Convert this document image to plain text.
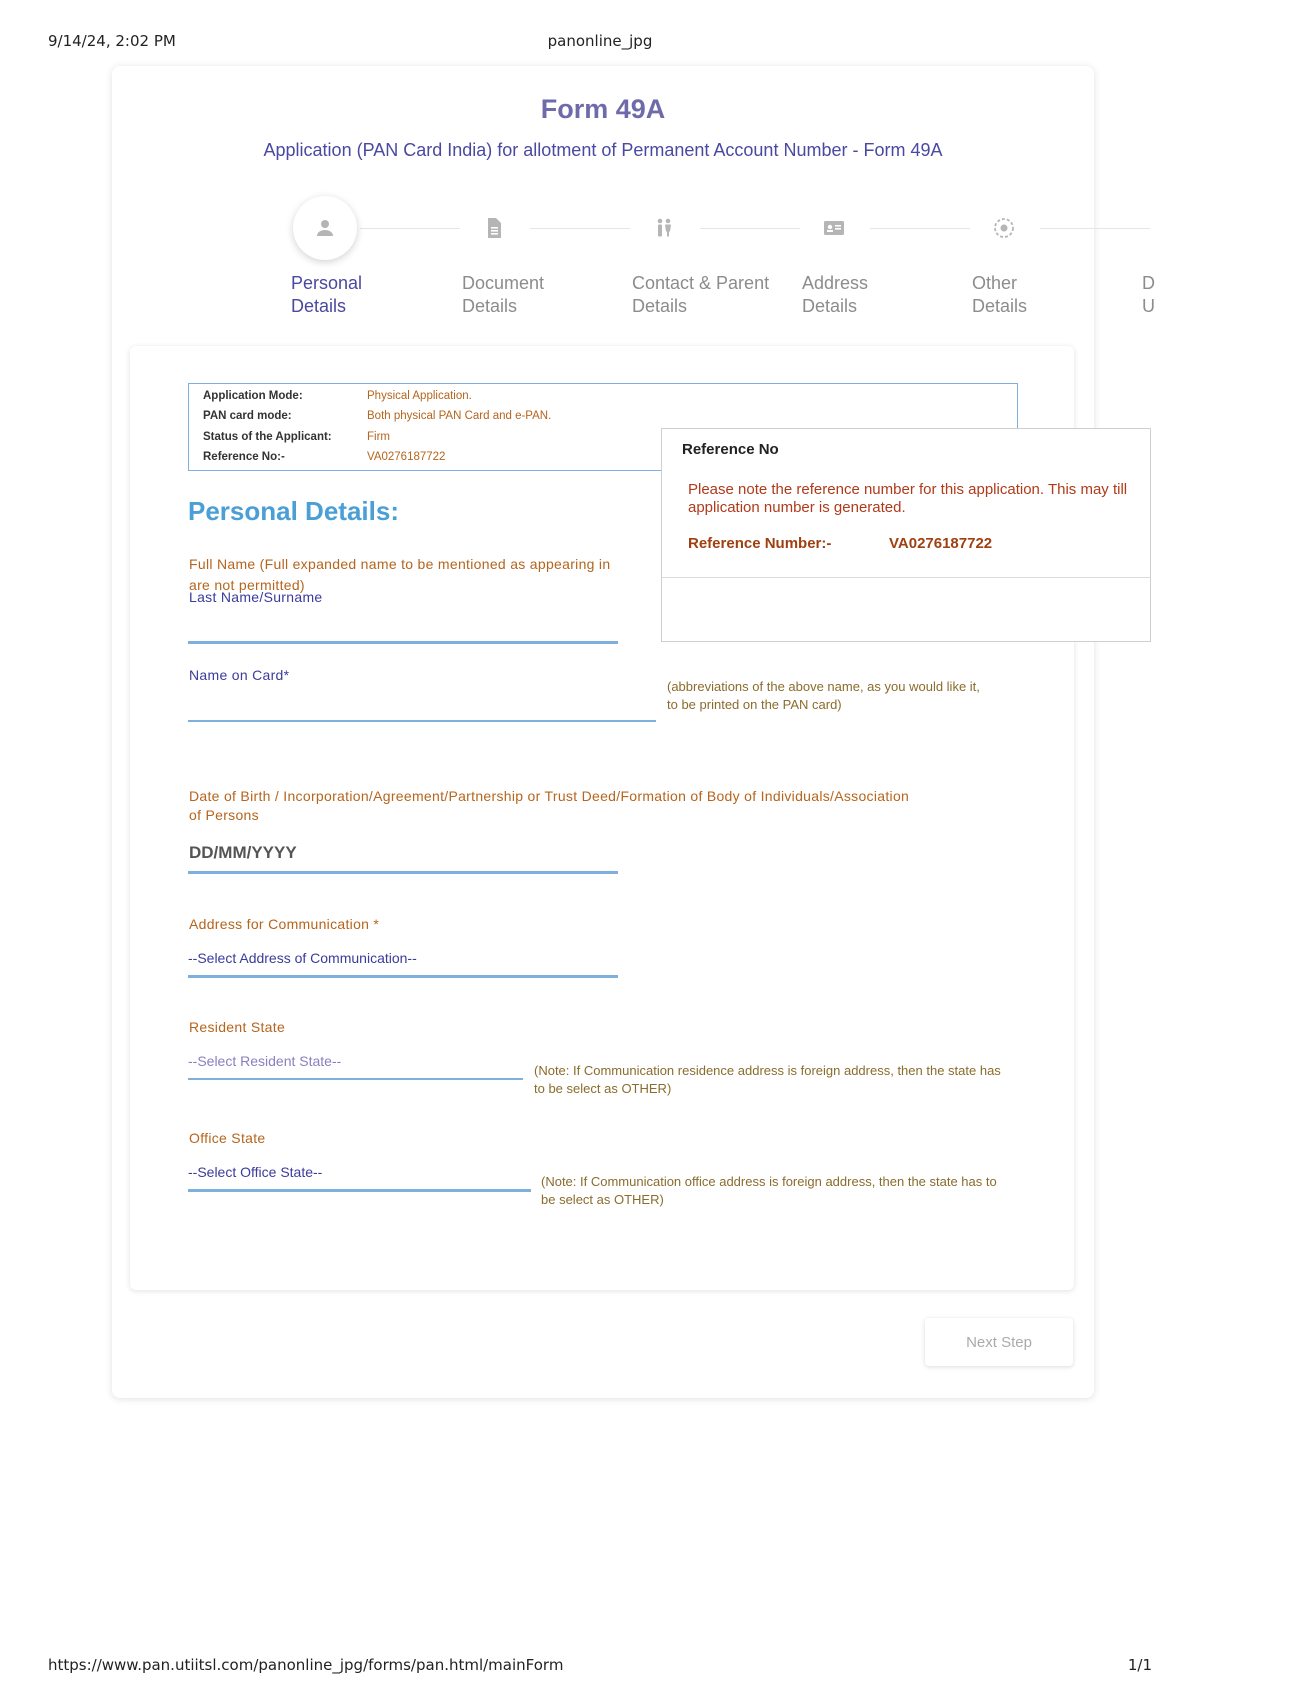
9/14/24, 2:02 PM	panonline_jpg
Form 49A
Application (PAN Card India) for allotment of Permanent Account Number - Form 49A
Personal
Details
Document
Details
Contact & Parent
Details
Address
Details
Other
Details
D
U
Application Mode:	Physical Application.
PAN card mode:	Both physical PAN Card and e-PAN.
Status of the Applicant:	Firm
Reference No:-	VA0276187722
Personal Details:
Full Name (Full expanded name to be mentioned as appearing in
are not permitted)
Last Name/Surname
Name on Card*
(abbreviations of the above name, as you would like it,
to be printed on the PAN card)
Date of Birth / Incorporation/Agreement/Partnership or Trust Deed/Formation of Body of Individuals/Association
of Persons
DD/MM/YYYY
Address for Communication *
--Select Address of Communication--
Resident State
--Select Resident State--
(Note: If Communication residence address is foreign address, then the state has
to be select as OTHER)
Office State
--Select Office State--
(Note: If Communication office address is foreign address, then the state has to
be select as OTHER)
Reference No
Please note the reference number for this application. This may till application number is generated.
Reference Number:-	VA0276187722
Next Step
https://www.pan.utiitsl.com/panonline_jpg/forms/pan.html/mainForm	1/1
